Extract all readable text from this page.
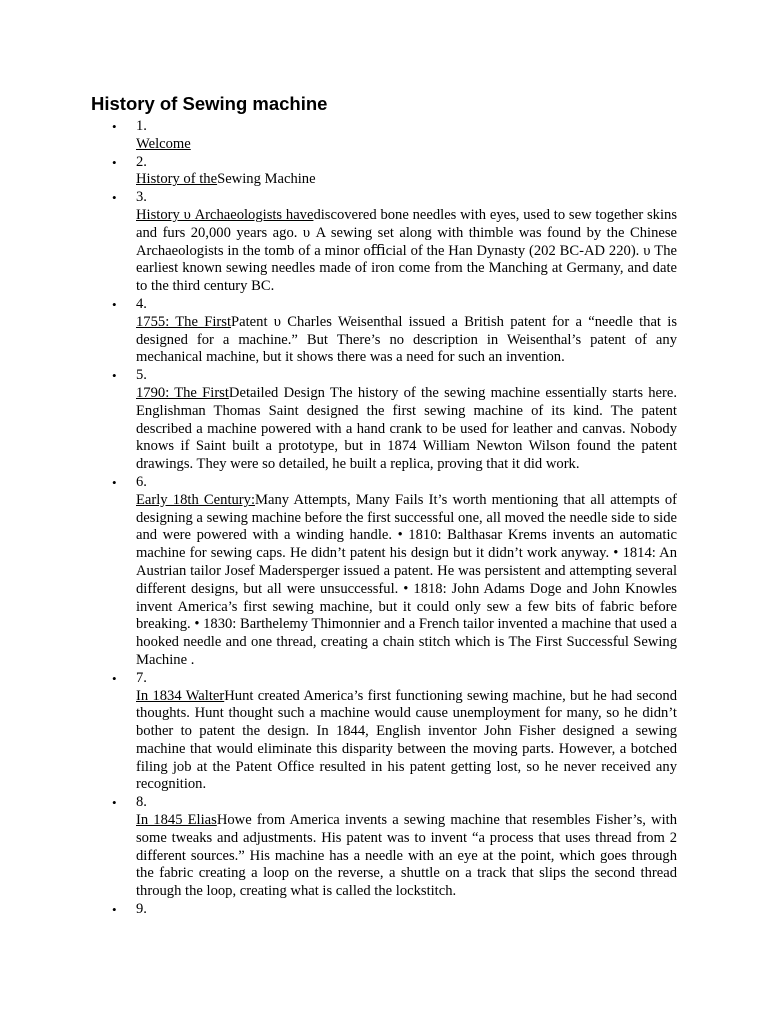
History of Sewing machine
• 1.
Welcome
• 2.
History of theSewing Machine
• 3.
History υ Archaeologists havediscovered bone needles with eyes, used to sew together skins and furs 20,000 years ago. υ A sewing set along with thimble was found by the Chinese Archaeologists in the tomb of a minor oﬃcial of the Han Dynasty (202 BC-AD 220). υ The earliest known sewing needles made of iron come from the Manching at Germany, and date to the third century BC.
• 4.
1755: The FirstPatent υ Charles Weisenthal issued a British patent for a “needle that is designed for a machine.” But There’s no description in Weisenthal’s patent of any mechanical machine, but it shows there was a need for such an invention.
• 5.
1790: The FirstDetailed Design The history of the sewing machine essentially starts here. Englishman Thomas Saint designed the first sewing machine of its kind. The patent described a machine powered with a hand crank to be used for leather and canvas. Nobody knows if Saint built a prototype, but in 1874 William Newton Wilson found the patent drawings. They were so detailed, he built a replica, proving that it did work.
• 6.
Early 18th Century:Many Attempts, Many Fails It’s worth mentioning that all attempts of designing a sewing machine before the first successful one, all moved the needle side to side and were powered with a winding handle. • 1810: Balthasar Krems invents an automatic machine for sewing caps. He didn’t patent his design but it didn’t work anyway. • 1814: An Austrian tailor Josef Madersperger issued a patent. He was persistent and attempting several different designs, but all were unsuccessful. • 1818: John Adams Doge and John Knowles invent America’s first sewing machine, but it could only sew a few bits of fabric before breaking. • 1830: Barthelemy Thimonnier and a French tailor invented a machine that used a hooked needle and one thread, creating a chain stitch which is The First Successful Sewing Machine .
• 7.
In 1834 WalterHunt created America’s first functioning sewing machine, but he had second thoughts. Hunt thought such a machine would cause unemployment for many, so he didn’t bother to patent the design. In 1844, English inventor John Fisher designed a sewing machine that would eliminate this disparity between the moving parts. However, a botched filing job at the Patent Office resulted in his patent getting lost, so he never received any recognition.
• 8.
In 1845 EliasHowe from America invents a sewing machine that resembles Fisher’s, with some tweaks and adjustments. His patent was to invent “a process that uses thread from 2 different sources.” His machine has a needle with an eye at the point, which goes through the fabric creating a loop on the reverse, a shuttle on a track that slips the second thread through the loop, creating what is called the lockstitch.
• 9.
